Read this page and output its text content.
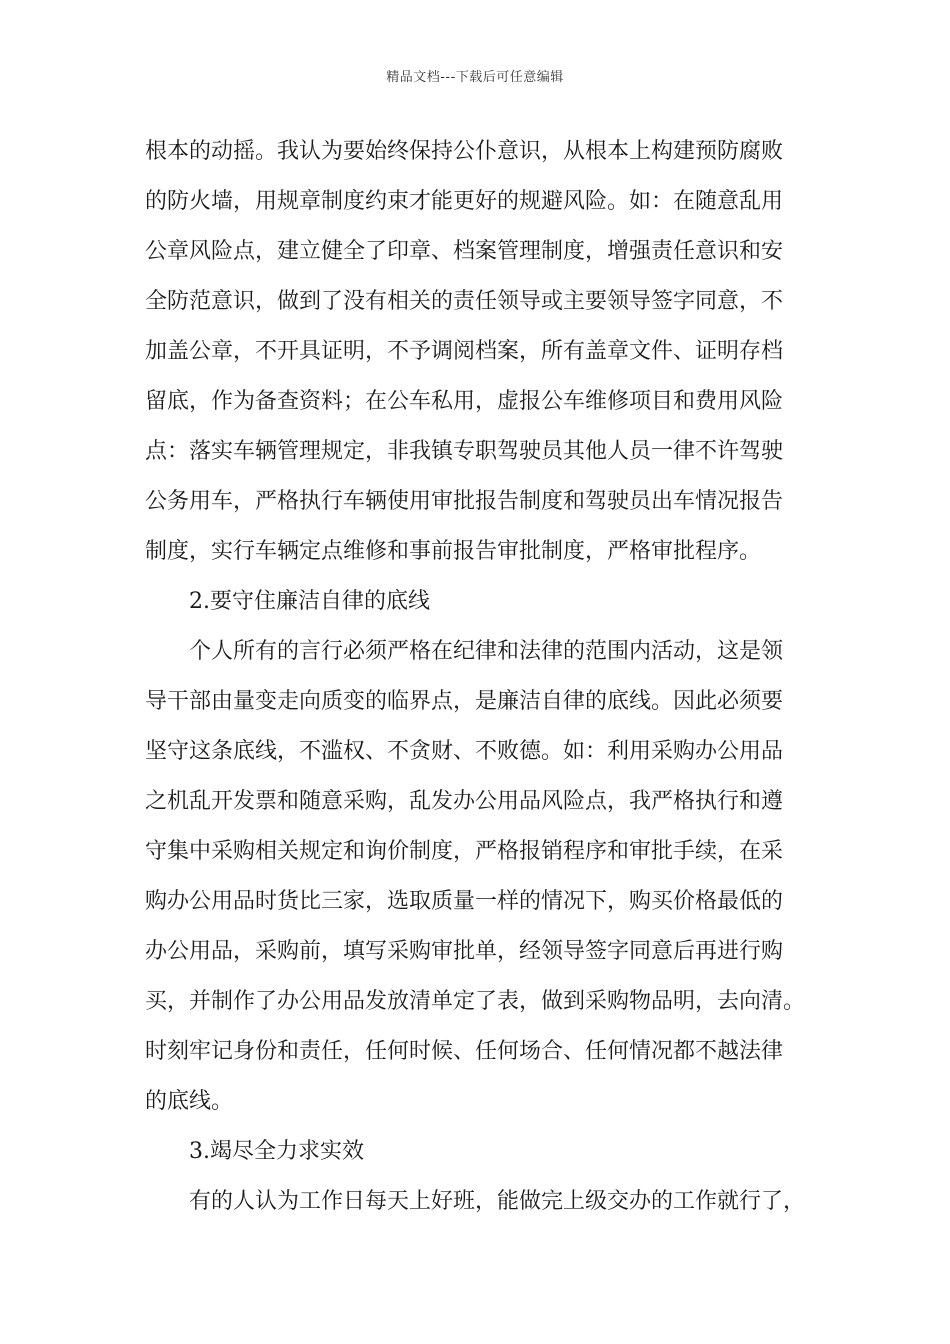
精品文档---下载后可任意编辑
根本的动摇。我认为要始终保持公仆意识，从根本上构建预防腐败
的防火墙，用规章制度约束才能更好的规避风险。如：在随意乱用
公章风险点，建立健全了印章、档案管理制度，增强责任意识和安
全防范意识，做到了没有相关的责任领导或主要领导签字同意，不
加盖公章，不开具证明，不予调阅档案，所有盖章文件、证明存档
留底，作为备查资料；在公车私用，虚报公车维修项目和费用风险
点：落实车辆管理规定，非我镇专职驾驶员其他人员一律不许驾驶
公务用车，严格执行车辆使用审批报告制度和驾驶员出车情况报告
制度，实行车辆定点维修和事前报告审批制度，严格审批程序。
2.要守住廉洁自律的底线
个人所有的言行必须严格在纪律和法律的范围内活动，这是领
导干部由量变走向质变的临界点，是廉洁自律的底线。因此必须要
坚守这条底线，不滥权、不贪财、不败德。如：利用采购办公用品
之机乱开发票和随意采购，乱发办公用品风险点，我严格执行和遵
守集中采购相关规定和询价制度，严格报销程序和审批手续，在采
购办公用品时货比三家，选取质量一样的情况下，购买价格最低的
办公用品，采购前，填写采购审批单，经领导签字同意后再进行购
买，并制作了办公用品发放清单定了表，做到采购物品明，去向清。
时刻牢记身份和责任，任何时候、任何场合、任何情况都不越法律
的底线。
3.竭尽全力求实效
有的人认为工作日每天上好班，能做完上级交办的工作就行了，
